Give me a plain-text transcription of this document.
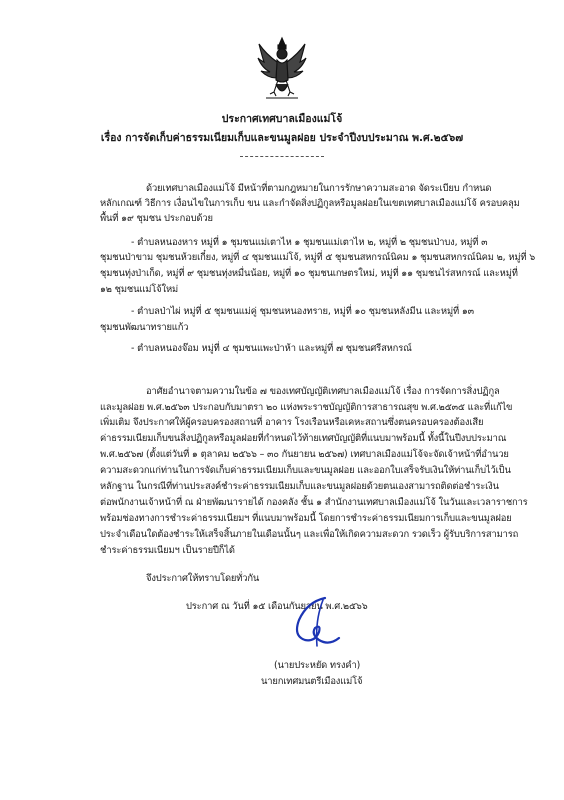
ประกาศเทศบาลเมืองแม่โจ้
เรื่อง การจัดเก็บค่าธรรมเนียมเก็บและขนมูลฝอย ประจำปีงบประมาณ พ.ศ.๒๕๖๗
ด้วยเทศบาลเมืองแม่โจ้ มีหน้าที่ตามกฎหมายในการรักษาความสะอาด จัดระเบียบ กำหนด
หลักเกณฑ์ วิธีการ เงื่อนไขในการเก็บ ขน และกำจัดสิ่งปฏิกูลหรือมูลฝอยในเขตเทศบาลเมืองแม่โจ้ ครอบคลุม
พื้นที่ ๑๙ ชุมชน ประกอบด้วย
- ตำบลหนองหาร หมู่ที่ ๑ ชุมชนแม่เตาไห ๑ ชุมชนแม่เตาไห ๒, หมู่ที่ ๒ ชุมชนป่าบง, หมู่ที่ ๓
ชุมชนป่าขาม ชุมชนห้วยเกี๋ยง, หมู่ที่ ๔ ชุมชนแม่โจ้, หมู่ที่ ๕ ชุมชนสหกรณ์นิคม ๑ ชุมชนสหกรณ์นิคม ๒, หมู่ที่ ๖
ชุมชนทุ่งป่าเก็ด, หมู่ที่ ๙ ชุมชนทุ่งหมื่นน้อย, หมู่ที่ ๑๐ ชุมชนเกษตรใหม่, หมู่ที่ ๑๑ ชุมชนไร่สหกรณ์ และหมู่ที่
๑๒ ชุมชนแม่โจ้ใหม่
- ตำบลป่าไผ่ หมู่ที่ ๕ ชุมชนแม่คู่ ชุมชนหนองทราย, หมู่ที่ ๑๐ ชุมชนหลังมีน และหมู่ที่ ๑๓
ชุมชนพัฒนาทรายแก้ว
- ตำบลหนองจ๊อม หมู่ที่ ๔ ชุมชนแพะป่าห้า และหมู่ที่ ๗ ชุมชนศรีสหกรณ์
อาศัยอำนาจตามความในข้อ ๗ ของเทศบัญญัติเทศบาลเมืองแม่โจ้ เรื่อง การจัดการสิ่งปฏิกูล
และมูลฝอย พ.ศ.๒๕๖๓ ประกอบกับมาตรา ๒๐ แห่งพระราชบัญญัติการสาธารณสุข พ.ศ.๒๕๓๕ และที่แก้ไข
เพิ่มเติม จึงประกาศให้ผู้ครอบครองสถานที่ อาคาร โรงเรือนหรือเคหะสถานซึ่งตนครอบครองต้องเสีย
ค่าธรรมเนียมเก็บขนสิ่งปฏิกูลหรือมูลฝอยที่กำหนดไว้ท้ายเทศบัญญัติที่แนบมาพร้อมนี้ ทั้งนี้ในปีงบประมาณ
พ.ศ.๒๕๖๗ (ตั้งแต่วันที่ ๑ ตุลาคม ๒๕๖๖ – ๓๐ กันยายน ๒๕๖๗) เทศบาลเมืองแม่โจ้จะจัดเจ้าหน้าที่อำนวย
ความสะดวกแก่ท่านในการจัดเก็บค่าธรรมเนียมเก็บและขนมูลฝอย และออกใบเสร็จรับเงินให้ท่านเก็บไว้เป็น
หลักฐาน ในกรณีที่ท่านประสงค์ชำระค่าธรรมเนียมเก็บและขนมูลฝอยด้วยตนเองสามารถติดต่อชำระเงิน
ต่อพนักงานเจ้าหน้าที่ ณ ฝ่ายพัฒนารายได้ กองคลัง ชั้น ๑ สำนักงานเทศบาลเมืองแม่โจ้ ในวันและเวลาราชการ
พร้อมช่องทางการชำระค่าธรรมเนียมฯ ที่แนบมาพร้อมนี้ โดยการชำระค่าธรรมเนียมการเก็บและขนมูลฝอย
ประจำเดือนใดต้องชำระให้เสร็จสิ้นภายในเดือนนั้นๆ และเพื่อให้เกิดความสะดวก รวดเร็ว ผู้รับบริการสามารถ
ชำระค่าธรรมเนียมฯ เป็นรายปีก็ได้
จึงประกาศให้ทราบโดยทั่วกัน
ประกาศ ณ วันที่ ๑๕ เดือนกันยายน พ.ศ.๒๕๖๖
(นายประหยัด ทรงคำ)
นายกเทศมนตรีเมืองแม่โจ้
